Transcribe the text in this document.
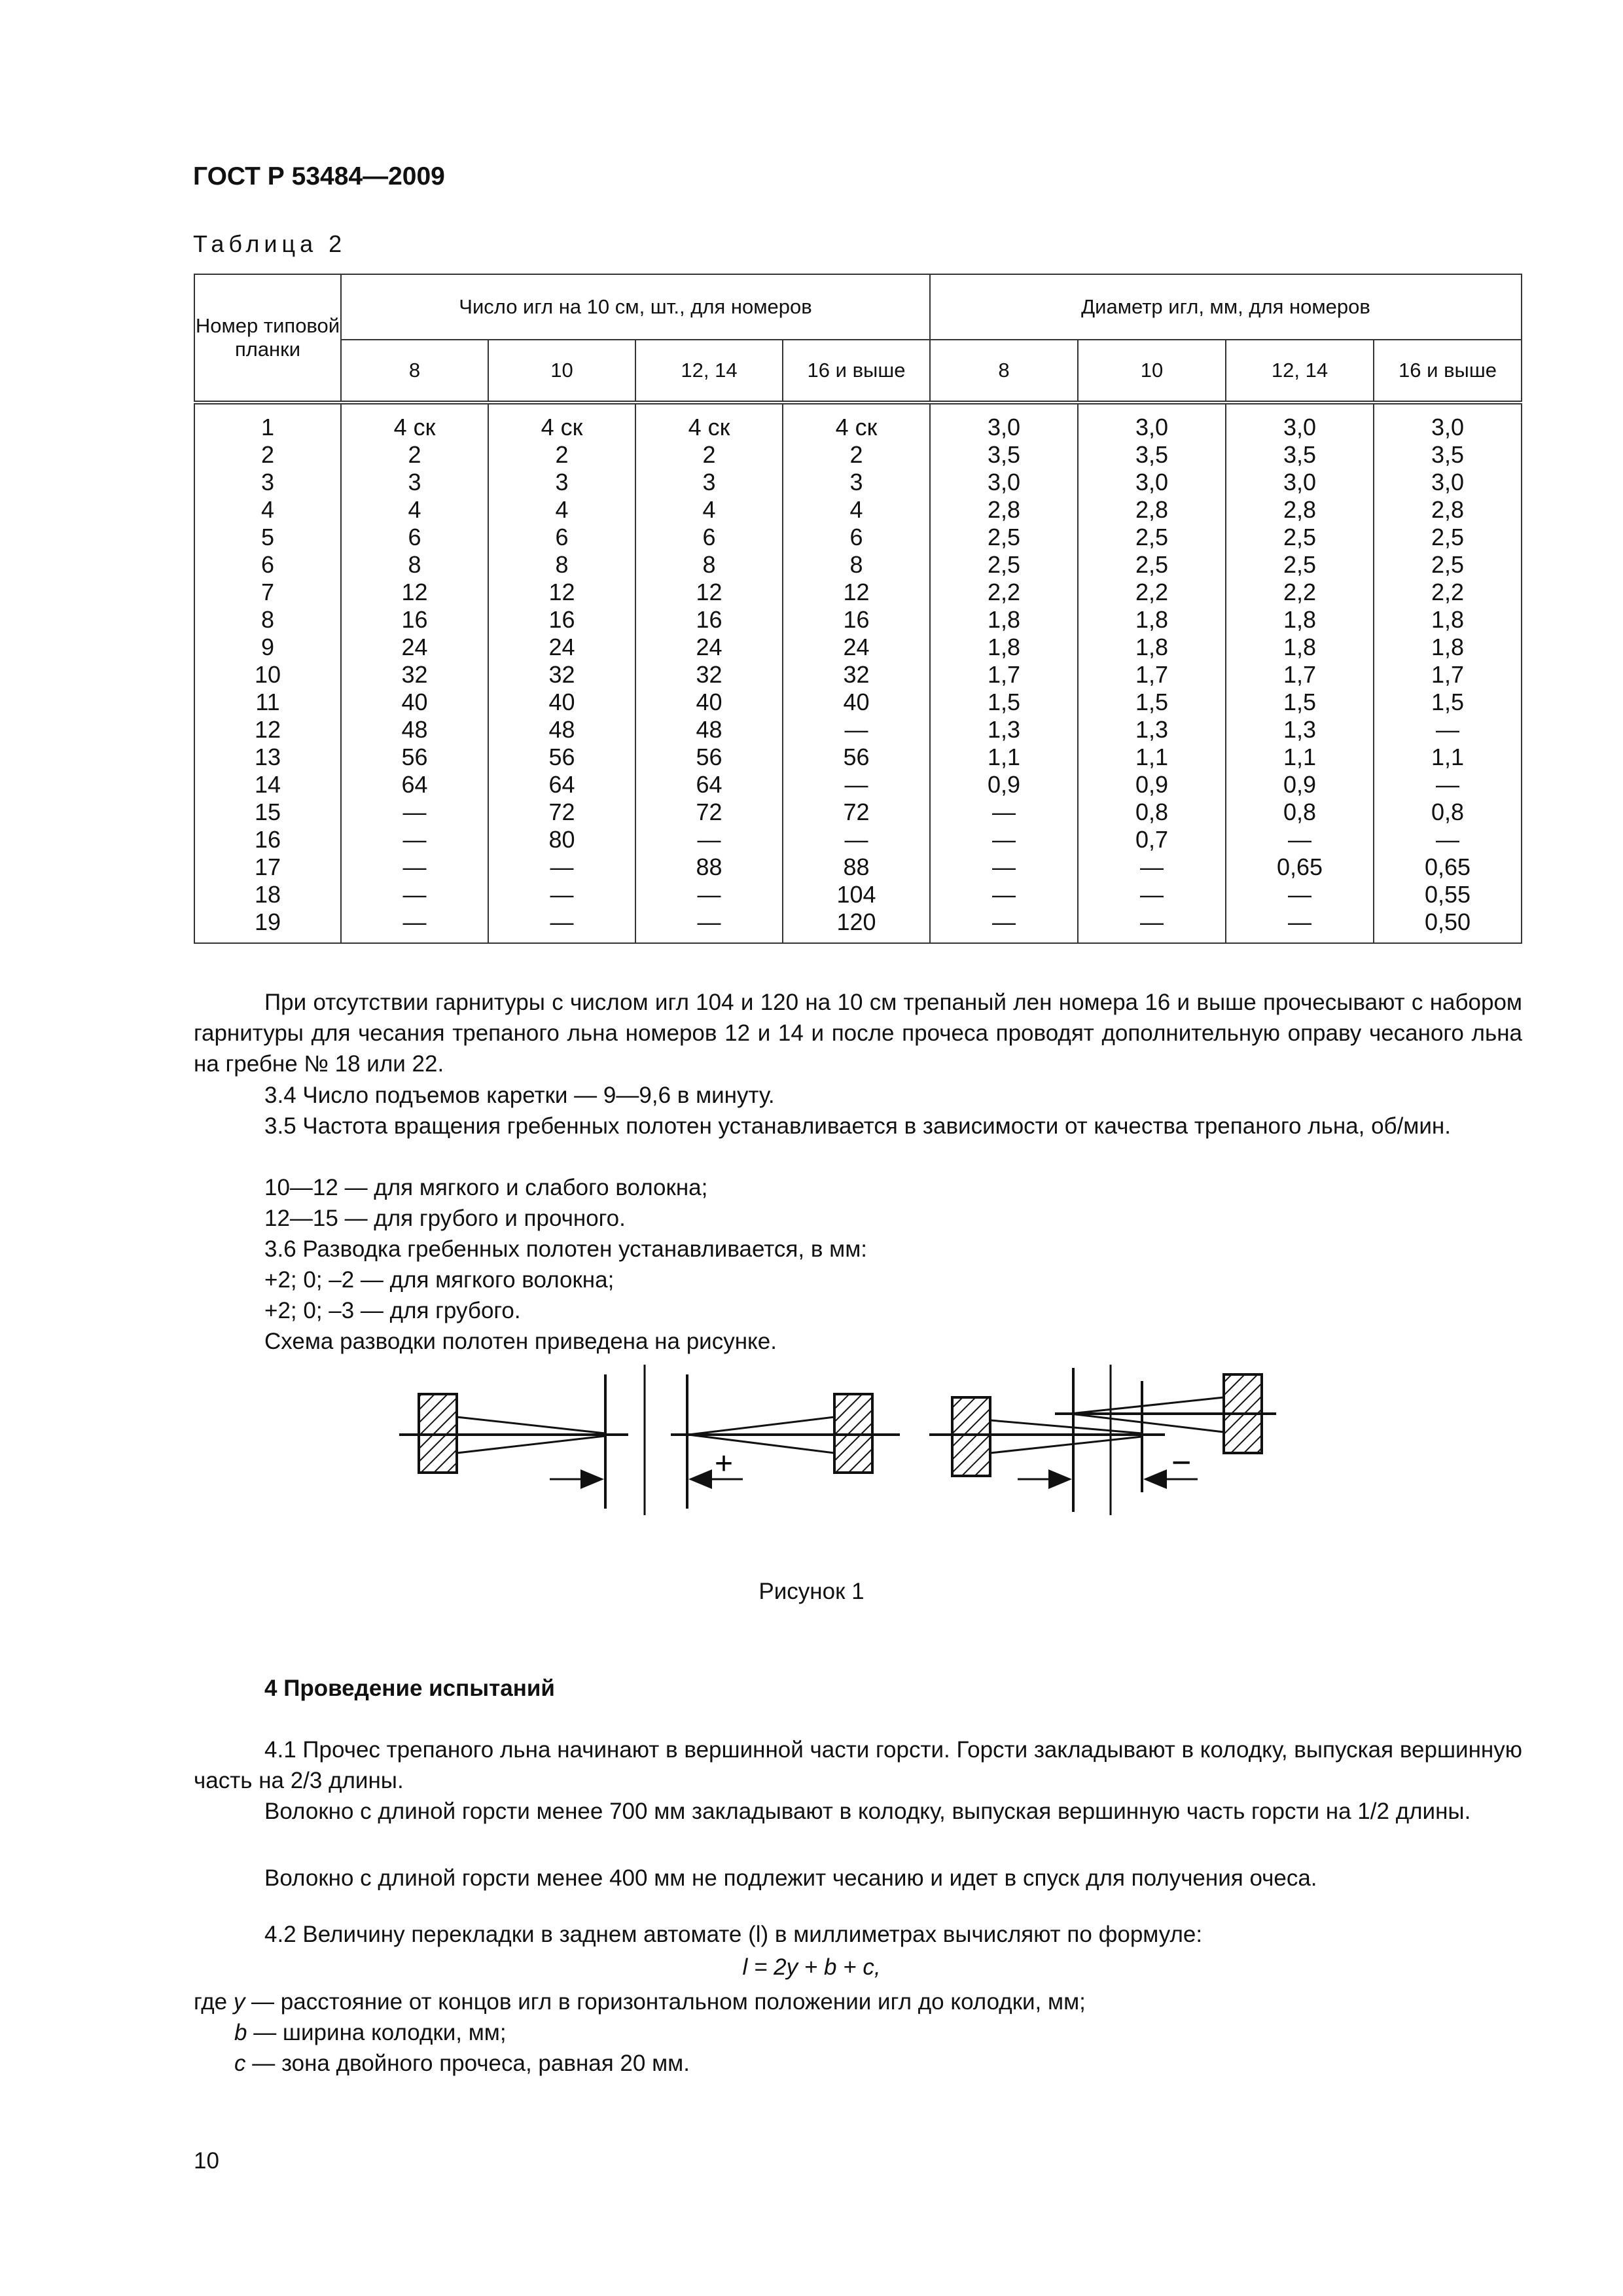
ГОСТ Р 53484—2009
Таблица 2
Номер типовой планки	Число игл на 10 см, шт., для номеров				Диаметр игл, мм, для номеров			
	8	10	12, 14	16 и выше	8	10	12, 14	16 и выше
1	4 ск	4 ск	4 ск	4 ск	3,0	3,0	3,0	3,0
2	2	2	2	2	3,5	3,5	3,5	3,5
3	3	3	3	3	3,0	3,0	3,0	3,0
4	4	4	4	4	2,8	2,8	2,8	2,8
5	6	6	6	6	2,5	2,5	2,5	2,5
6	8	8	8	8	2,5	2,5	2,5	2,5
7	12	12	12	12	2,2	2,2	2,2	2,2
8	16	16	16	16	1,8	1,8	1,8	1,8
9	24	24	24	24	1,8	1,8	1,8	1,8
10	32	32	32	32	1,7	1,7	1,7	1,7
11	40	40	40	40	1,5	1,5	1,5	1,5
12	48	48	48	—	1,3	1,3	1,3	—
13	56	56	56	56	1,1	1,1	1,1	1,1
14	64	64	64	—	0,9	0,9	0,9	—
15	—	72	72	72	—	0,8	0,8	0,8
16	—	80	—	—	—	0,7	—	—
17	—	—	88	88	—	—	0,65	0,65
18	—	—	—	104	—	—	—	0,55
19	—	—	—	120	—	—	—	0,50
При отсутствии гарнитуры с числом игл 104 и 120 на 10 см трепаный лен номера 16 и выше прочесывают с набором гарнитуры для чесания трепаного льна номеров 12 и 14 и после прочеса проводят дополнительную оправу чесаного льна на гребне № 18 или 22.
3.4 Число подъемов каретки — 9—9,6 в минуту.
3.5 Частота вращения гребенных полотен устанавливается в зависимости от качества трепаного льна, об/мин.
10—12 — для мягкого и слабого волокна;
12—15 — для грубого и прочного.
3.6 Разводка гребенных полотен устанавливается, в мм:
+2; 0; –2 — для мягкого волокна;
+2; 0; –3 — для грубого.
Схема разводки полотен приведена на рисунке.
+	−
Рисунок 1
4 Проведение испытаний
4.1 Прочес трепаного льна начинают в вершинной части горсти. Горсти закладывают в колодку, выпуская вершинную часть на 2/3 длины.
Волокно с длиной горсти менее 700 мм закладывают в колодку, выпуская вершинную часть горсти на 1/2 длины.
Волокно с длиной горсти менее 400 мм не подлежит чесанию и идет в спуск для получения очеса.
4.2 Величину перекладки в заднем автомате (l) в миллиметрах вычисляют по формуле:
l = 2y + b + c,
где y — расстояние от концов игл в горизонтальном положении игл до колодки, мм;
b — ширина колодки, мм;
c — зона двойного прочеса, равная 20 мм.
10
